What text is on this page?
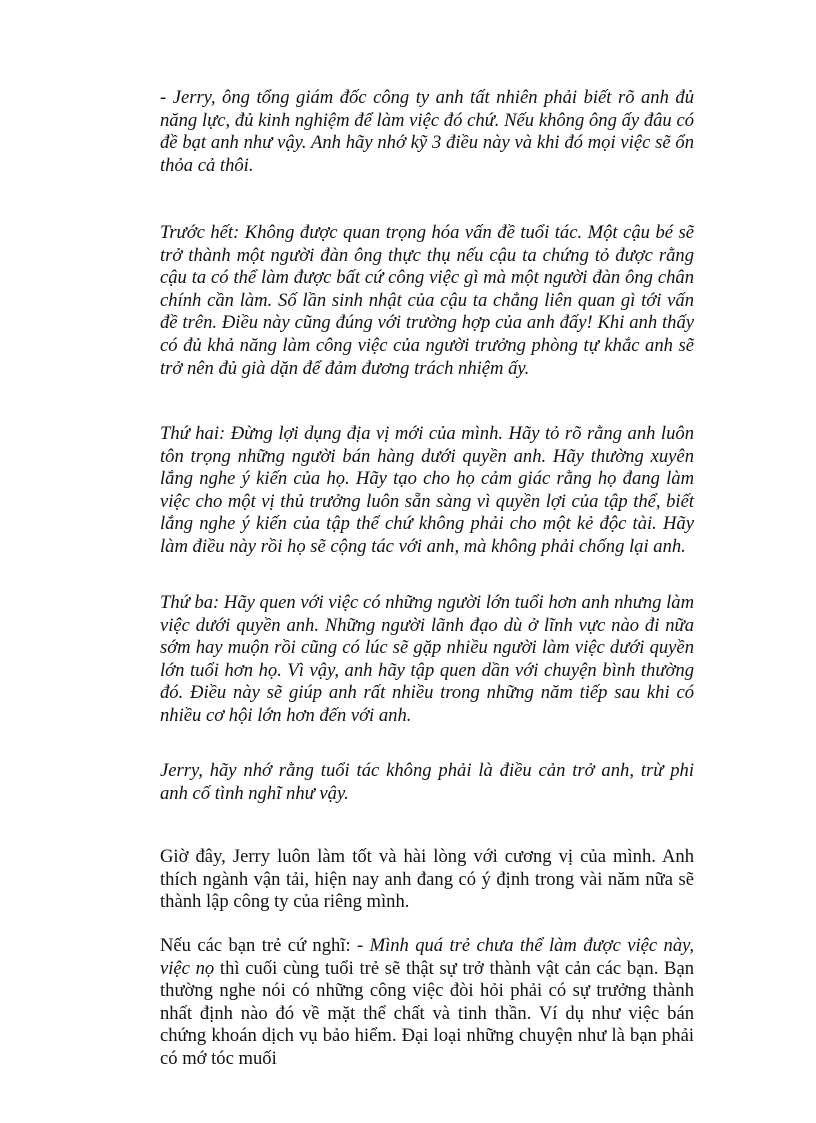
- Jerry, ông tổng giám đốc công ty anh tất nhiên phải biết rõ anh đủ năng lực, đủ kinh nghiệm để làm việc đó chứ. Nếu không ông ấy đâu có đề bạt anh như vậy. Anh hãy nhớ kỹ 3 điều này và khi đó mọi việc sẽ ổn thỏa cả thôi.

Trước hết: Không được quan trọng hóa vấn đề tuổi tác. Một cậu bé sẽ trở thành một người đàn ông thực thụ nếu cậu ta chứng tỏ được rằng cậu ta có thể làm được bất cứ công việc gì mà một người đàn ông chân chính cần làm. Số lần sinh nhật của cậu ta chẳng liên quan gì tới vấn đề trên. Điều này cũng đúng với trường hợp của anh đấy! Khi anh thấy có đủ khả năng làm công việc của người trưởng phòng tự khắc anh sẽ trở nên đủ già dặn để đảm đương trách nhiệm ấy.

Thứ hai: Đừng lợi dụng địa vị mới của mình. Hãy tỏ rõ rằng anh luôn tôn trọng những người bán hàng dưới quyền anh. Hãy thường xuyên lắng nghe ý kiến của họ. Hãy tạo cho họ cảm giác rằng họ đang làm việc cho một vị thủ trưởng luôn sẵn sàng vì quyền lợi của tập thể, biết lắng nghe ý kiến của tập thể chứ không phải cho một kẻ độc tài. Hãy làm điều này rồi họ sẽ cộng tác với anh, mà không phải chống lại anh.

Thứ ba: Hãy quen với việc có những người lớn tuổi hơn anh nhưng làm việc dưới quyền anh. Những người lãnh đạo dù ở lĩnh vực nào đi nữa sớm hay muộn rồi cũng có lúc sẽ gặp nhiều người làm việc dưới quyền lớn tuổi hơn họ. Vì vậy, anh hãy tập quen dần với chuyện bình thường đó. Điều này sẽ giúp anh rất nhiều trong những năm tiếp sau khi có nhiều cơ hội lớn hơn đến với anh.

Jerry, hãy nhớ rằng tuổi tác không phải là điều cản trở anh, trừ phi anh cố tình nghĩ như vậy.

Giờ đây, Jerry luôn làm tốt và hài lòng với cương vị của mình. Anh thích ngành vận tải, hiện nay anh đang có ý định trong vài năm nữa sẽ thành lập công ty của riêng mình.

Nếu các bạn trẻ cứ nghĩ: - Mình quá trẻ chưa thể làm được việc này, việc nọ thì cuối cùng tuổi trẻ sẽ thật sự trở thành vật cản các bạn. Bạn thường nghe nói có những công việc đòi hỏi phải có sự trưởng thành nhất định nào đó về mặt thể chất và tinh thần. Ví dụ như việc bán chứng khoán dịch vụ bảo hiểm. Đại loại những chuyện như là bạn phải có mớ tóc muối
